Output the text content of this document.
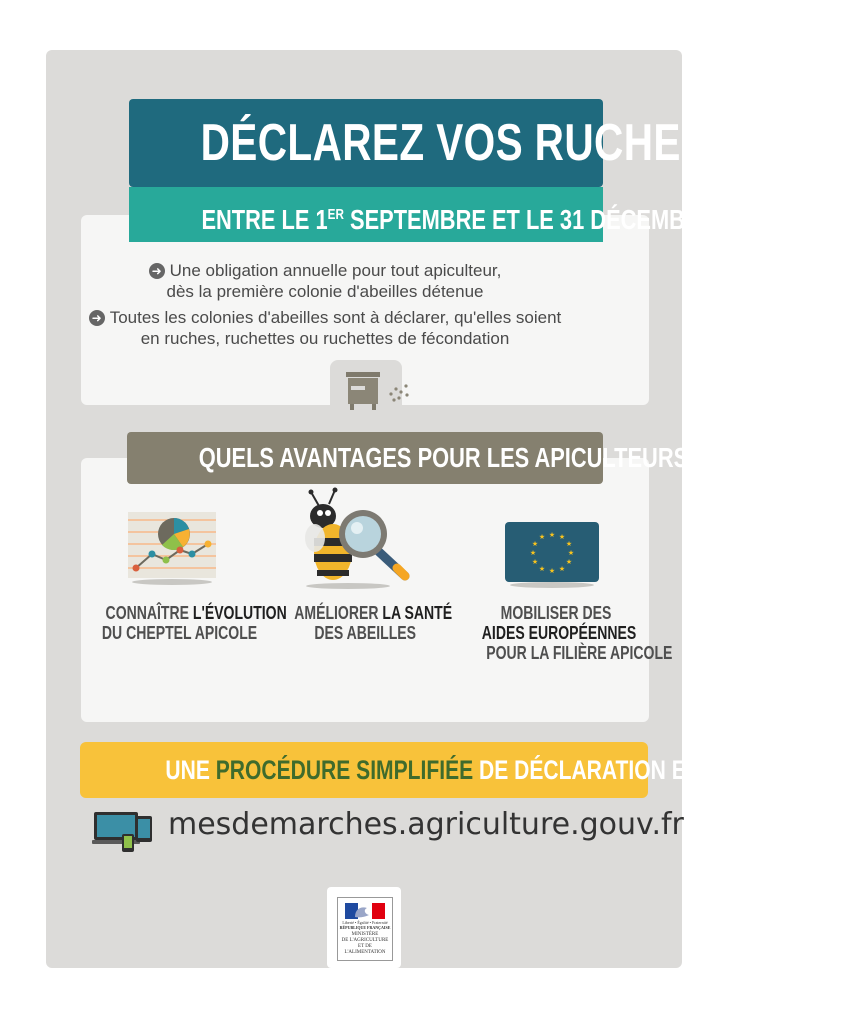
DÉCLAREZ VOS RUCHES
ENTRE LE 1ER SEPTEMBRE ET LE 31 DÉCEMBRE
➜ Une obligation annuelle pour tout apiculteur,
dès la première colonie d'abeilles détenue
➜ Toutes les colonies d'abeilles sont à déclarer, qu'elles soient
en ruches, ruchettes ou ruchettes de fécondation
QUELS AVANTAGES POUR LES APICULTEURS ?
★ ★
★
★
★
★
★
★
★
★
★
★
CONNAÎTRE L'ÉVOLUTION
DU CHEPTEL APICOLE
AMÉLIORER LA SANTÉ
DES ABEILLES
MOBILISER DES
AIDES EUROPÉENNES
POUR LA FILIÈRE APICOLE
UNE PROCÉDURE SIMPLIFIÉE DE DÉCLARATION EN LIGNE
mesdemarches.agriculture.gouv.fr
Liberté • Égalité • Fraternité
RÉPUBLIQUE FRANÇAISE
MINISTÈRE
DE L'AGRICULTURE
ET DE
L'ALIMENTATION
